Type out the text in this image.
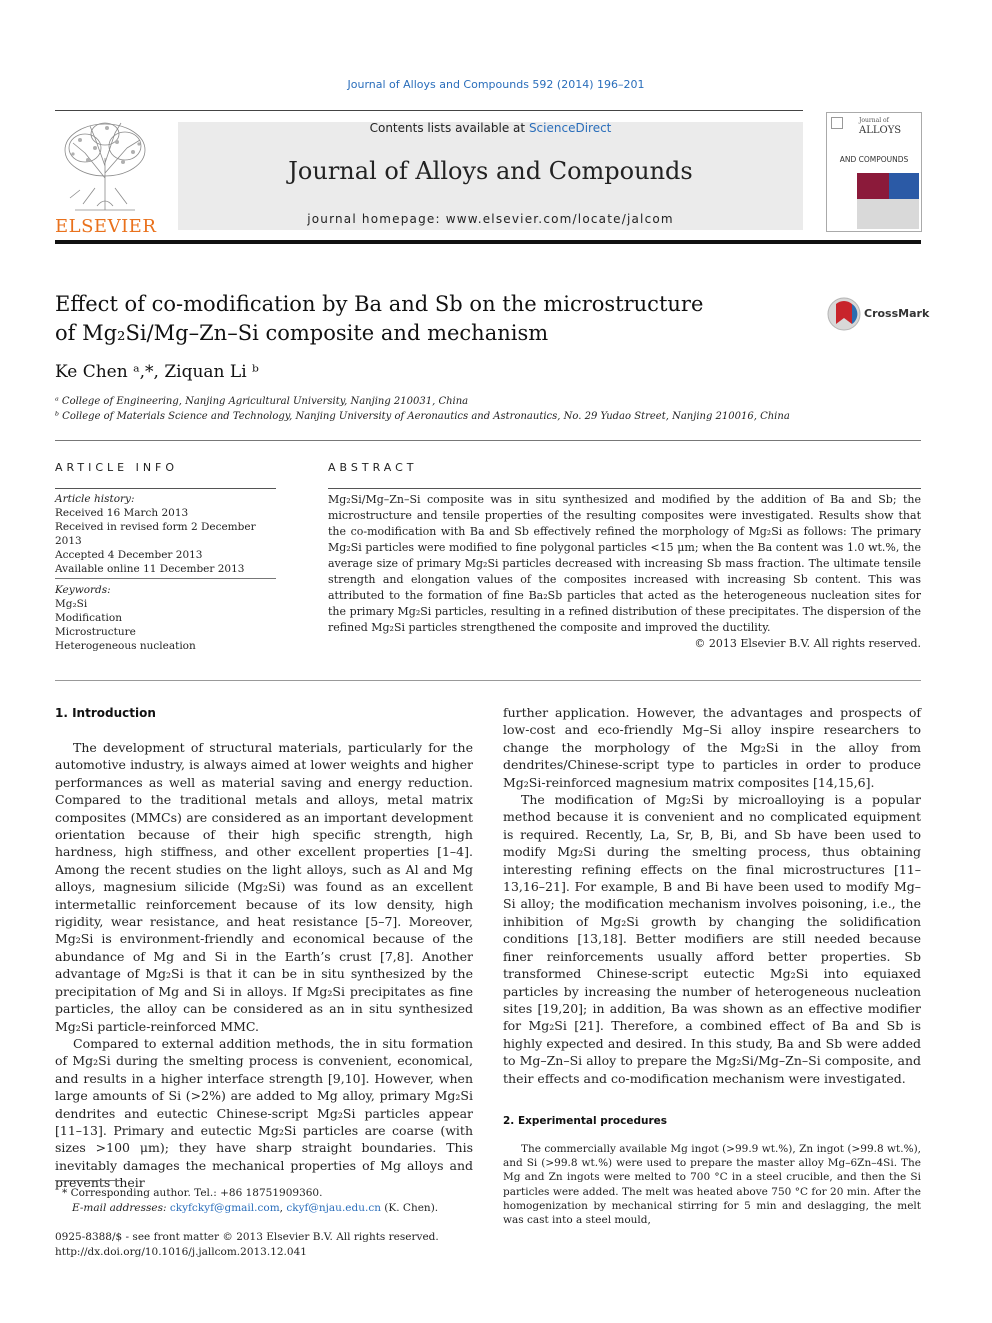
Journal of Alloys and Compounds 592 (2014) 196–201
ELSEVIER
Contents lists available at ScienceDirect
Journal of Alloys and Compounds
journal homepage: www.elsevier.com/locate/jalcom
Journal of
ALLOYS
AND COMPOUNDS
Effect of co-modification by Ba and Sb on the microstructure
of Mg₂Si/Mg–Zn–Si composite and mechanism
CrossMark
Ke Chen ᵃ,*, Ziquan Li ᵇ
ᵃ College of Engineering, Nanjing Agricultural University, Nanjing 210031, China
ᵇ College of Materials Science and Technology, Nanjing University of Aeronautics and Astronautics, No. 29 Yudao Street, Nanjing 210016, China
ARTICLE INFO
Article history:
Received 16 March 2013
Received in revised form 2 December 2013
Accepted 4 December 2013
Available online 11 December 2013
Keywords:
Mg₂Si
Modification
Microstructure
Heterogeneous nucleation
ABSTRACT
Mg₂Si/Mg–Zn–Si composite was in situ synthesized and modified by the addition of Ba and Sb; the microstructure and tensile properties of the resulting composites were investigated. Results show that the co-modification with Ba and Sb effectively refined the morphology of Mg₂Si as follows: The primary Mg₂Si particles were modified to fine polygonal particles <15 μm; when the Ba content was 1.0 wt.%, the average size of primary Mg₂Si particles decreased with increasing Sb mass fraction. The ultimate tensile strength and elongation values of the composites increased with increasing Sb content. This was attributed to the formation of fine Ba₂Sb particles that acted as the heterogeneous nucleation sites for the primary Mg₂Si particles, resulting in a refined distribution of these precipitates. The dispersion of the refined Mg₂Si particles strengthened the composite and improved the ductility.
© 2013 Elsevier B.V. All rights reserved.
1. Introduction

The development of structural materials, particularly for the automotive industry, is always aimed at lower weights and higher performances as well as material saving and energy reduction. Compared to the traditional metals and alloys, metal matrix composites (MMCs) are considered as an important development orientation because of their high specific strength, high hardness, high stiffness, and other excellent properties [1–4]. Among the recent studies on the light alloys, such as Al and Mg alloys, magnesium silicide (Mg₂Si) was found as an excellent intermetallic reinforcement because of its low density, high rigidity, wear resistance, and heat resistance [5–7]. Moreover, Mg₂Si is environment-friendly and economical because of the abundance of Mg and Si in the Earth’s crust [7,8]. Another advantage of Mg₂Si is that it can be in situ synthesized by the precipitation of Mg and Si in alloys. If Mg₂Si precipitates as fine particles, the alloy can be considered as an in situ synthesized Mg₂Si particle-reinforced MMC.

Compared to external addition methods, the in situ formation of Mg₂Si during the smelting process is convenient, economical, and results in a higher interface strength [9,10]. However, when large amounts of Si (>2%) are added to Mg alloy, primary Mg₂Si dendrites and eutectic Chinese-script Mg₂Si particles appear [11–13]. Primary and eutectic Mg₂Si particles are coarse (with sizes >100 μm); they have sharp straight boundaries. This inevitably damages the mechanical properties of Mg alloys and prevents their

further application. However, the advantages and prospects of low-cost and eco-friendly Mg–Si alloy inspire researchers to change the morphology of the Mg₂Si in the alloy from dendrites/Chinese-script type to particles in order to produce Mg₂Si-reinforced magnesium matrix composites [14,15,6].

The modification of Mg₂Si by microalloying is a popular method because it is convenient and no complicated equipment is required. Recently, La, Sr, B, Bi, and Sb have been used to modify Mg₂Si during the smelting process, thus obtaining interesting refining effects on the final microstructures [11–13,16–21]. For example, B and Bi have been used to modify Mg–Si alloy; the modification mechanism involves poisoning, i.e., the inhibition of Mg₂Si growth by changing the solidification conditions [13,18]. Better modifiers are still needed because finer reinforcements usually afford better properties. Sb transformed Chinese-script eutectic Mg₂Si into equiaxed particles by increasing the number of heterogeneous nucleation sites [19,20]; in addition, Ba was shown as an effective modifier for Mg₂Si [21]. Therefore, a combined effect of Ba and Sb is highly expected and desired. In this study, Ba and Sb were added to Mg–Zn–Si alloy to prepare the Mg₂Si/Mg–Zn–Si composite, and their effects and co-modification mechanism were investigated.

2. Experimental procedures

The commercially available Mg ingot (>99.9 wt.%), Zn ingot (>99.8 wt.%), and Si (>99.8 wt.%) were used to prepare the master alloy Mg–6Zn–4Si. The Mg and Zn ingots were melted to 700 °C in a steel crucible, and then the Si particles were added. The melt was heated above 750 °C for 20 min. After the homogenization by mechanical stirring for 5 min and deslagging, the melt was cast into a steel mould,

* Corresponding author. Tel.: +86 18751909360.
E-mail addresses: ckyfckyf@gmail.com, ckyf@njau.edu.cn (K. Chen).
0925-8388/$ - see front matter © 2013 Elsevier B.V. All rights reserved.
http://dx.doi.org/10.1016/j.jallcom.2013.12.041
